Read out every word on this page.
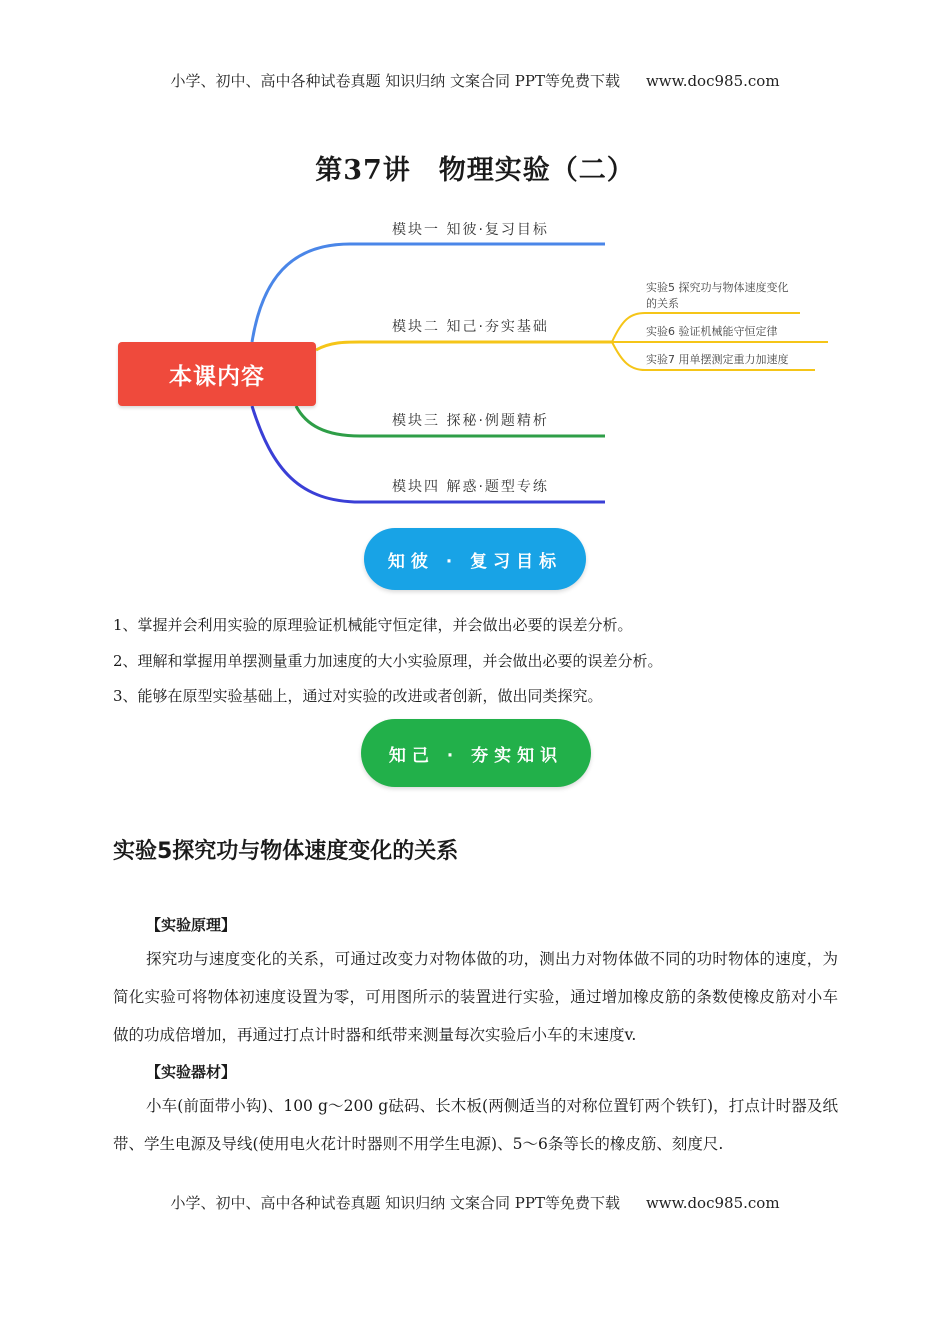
小学、初中、高中各种试卷真题 知识归纳 文案合同 PPT等免费下载 www.doc985.com
第37讲　物理实验（二）
本课内容
模块一 知彼·复习目标
模块二 知己·夯实基础
模块三 探秘·例题精析
模块四 解惑·题型专练
实验5 探究功与物体速度变化的关系
实验6 验证机械能守恒定律
实验7 用单摆测定重力加速度
知彼 · 复习目标
1、掌握并会利用实验的原理验证机械能守恒定律，并会做出必要的误差分析。
2、理解和掌握用单摆测量重力加速度的大小实验原理，并会做出必要的误差分析。
3、能够在原型实验基础上，通过对实验的改进或者创新，做出同类探究。
知己 · 夯实知识
实验5探究功与物体速度变化的关系
【实验原理】

探究功与速度变化的关系，可通过改变力对物体做的功，测出力对物体做不同的功时物体的速度，为简化实验可将物体初速度设置为零，可用图所示的装置进行实验，通过增加橡皮筋的条数使橡皮筋对小车做的功成倍增加，再通过打点计时器和纸带来测量每次实验后小车的末速度v.

【实验器材】

小车(前面带小钩)、100 g～200 g砝码、长木板(两侧适当的对称位置钉两个铁钉)，打点计时器及纸带、学生电源及导线(使用电火花计时器则不用学生电源)、5～6条等长的橡皮筋、刻度尺.

小学、初中、高中各种试卷真题 知识归纳 文案合同 PPT等免费下载 www.doc985.com
